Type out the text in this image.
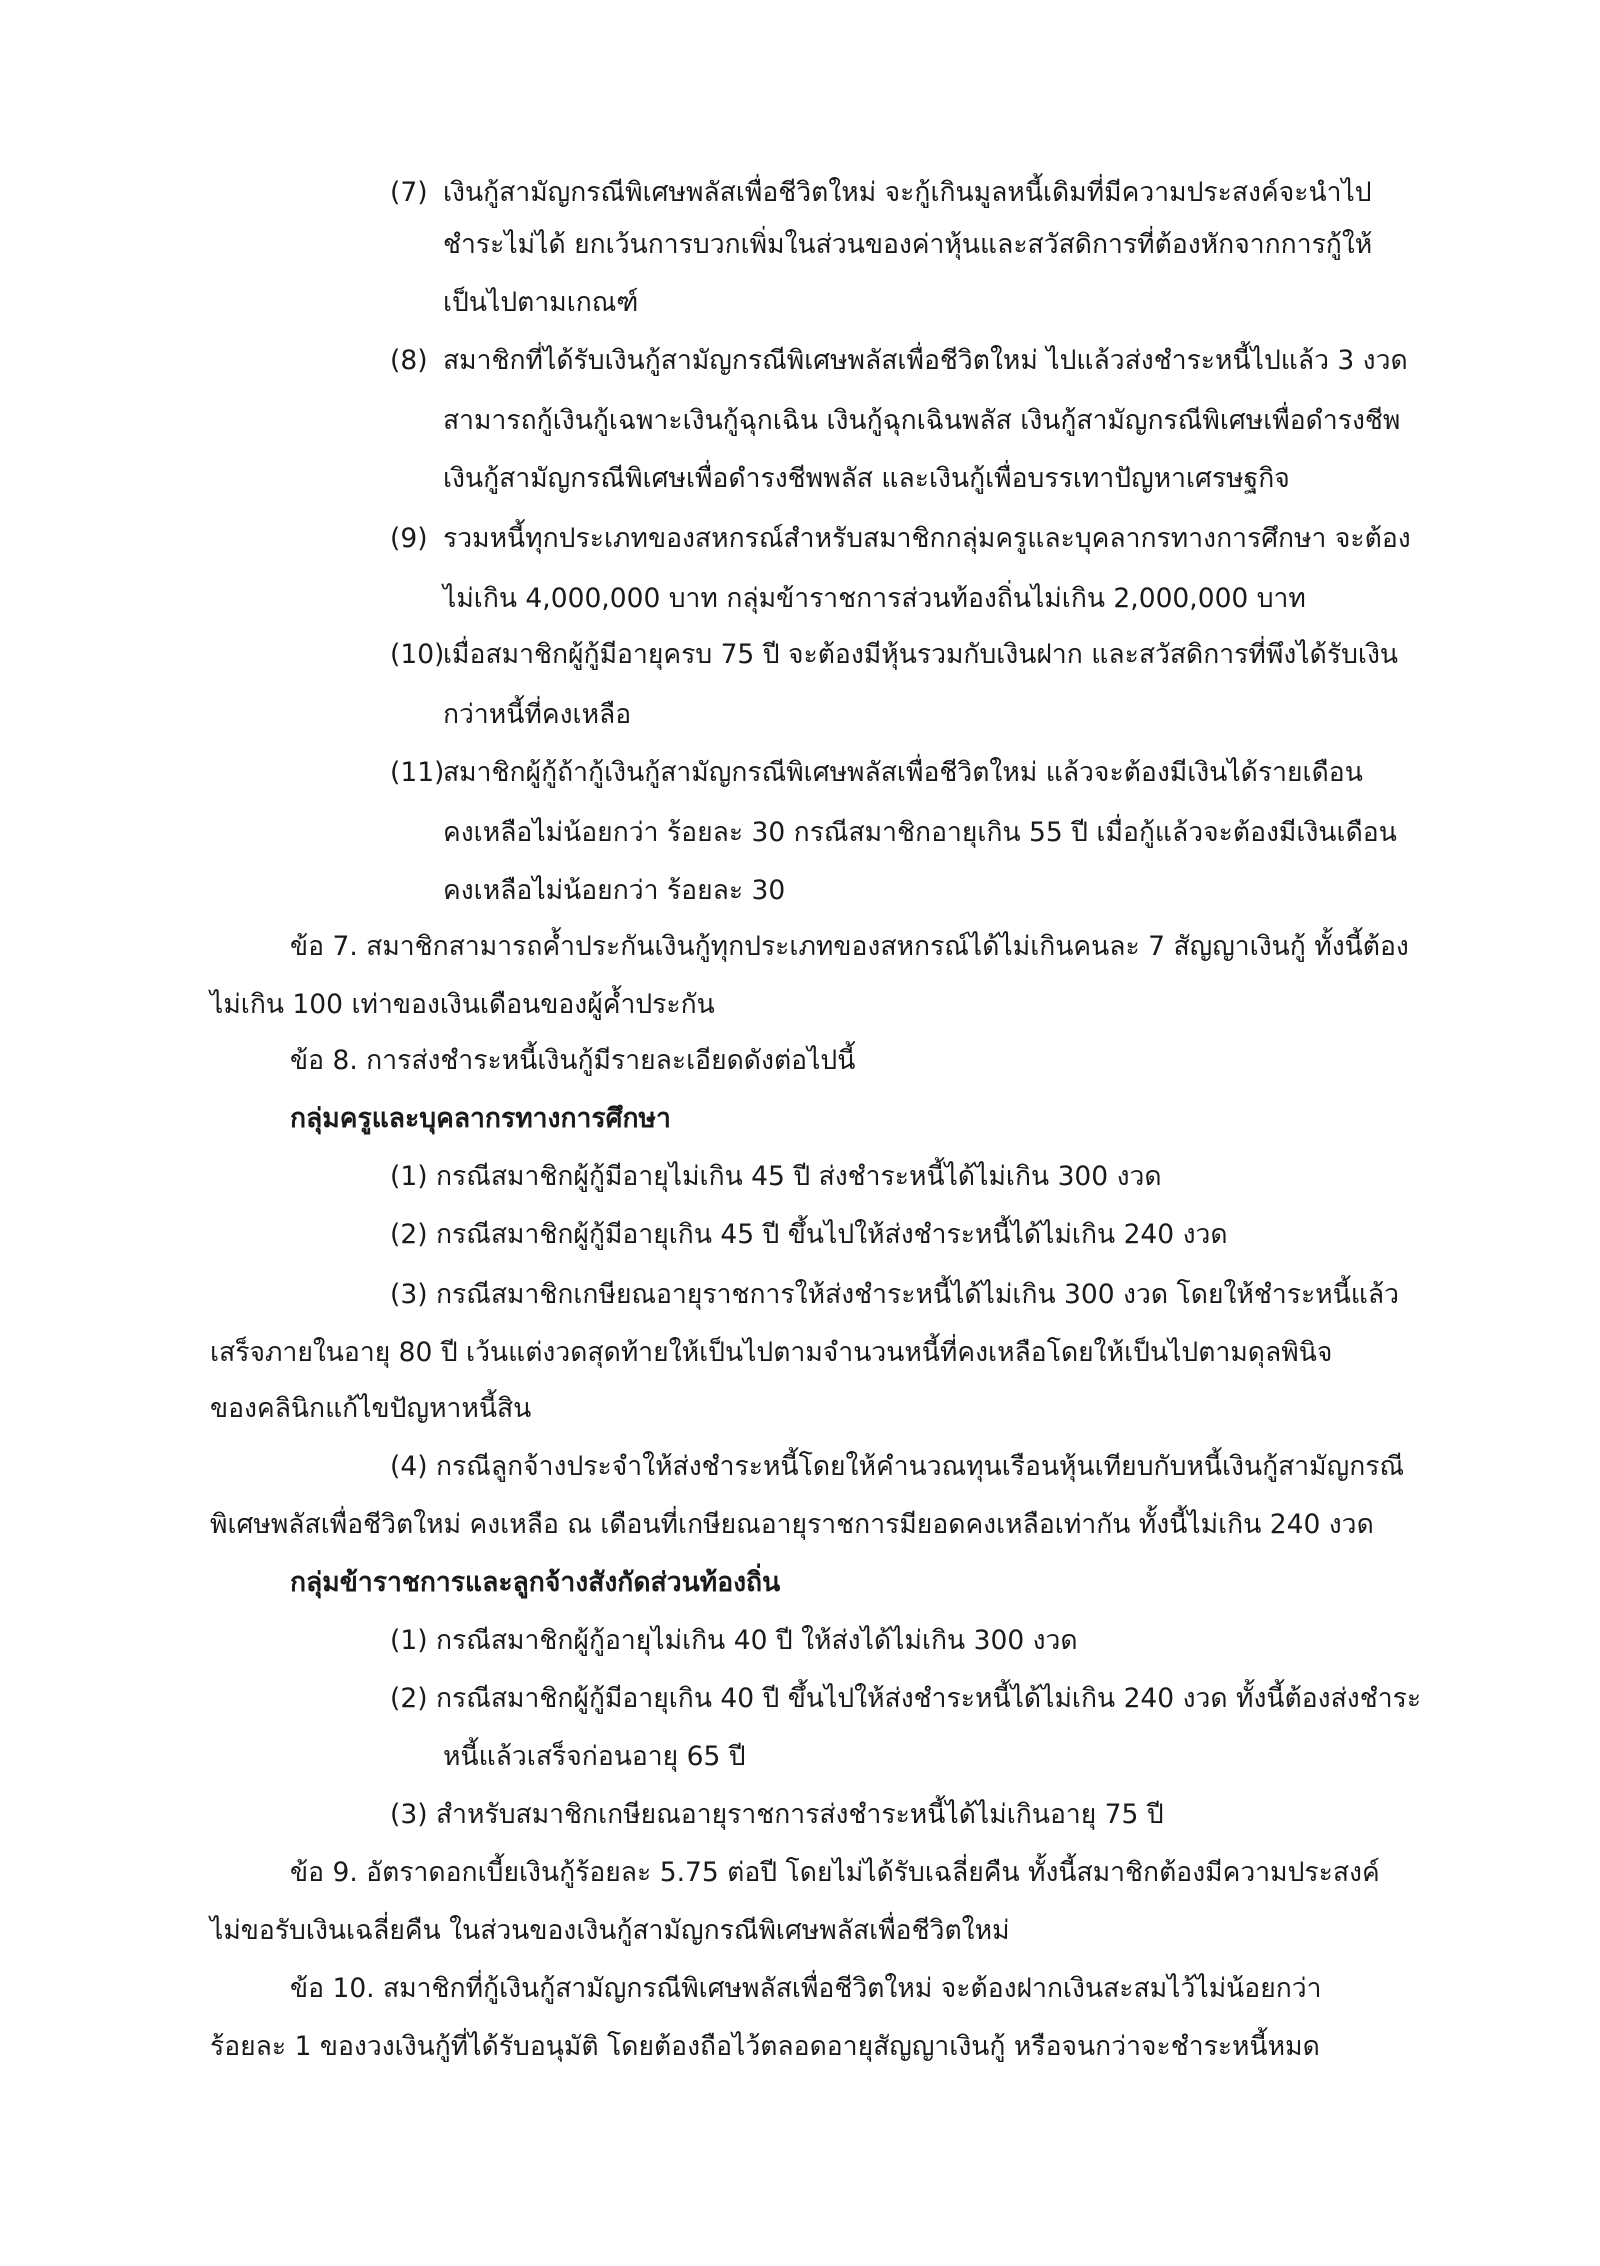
(7) เงินกู้สามัญกรณีพิเศษพลัสเพื่อชีวิตใหม่ จะกู้เกินมูลหนี้เดิมที่มีความประสงค์จะนำไป
ชำระไม่ได้ ยกเว้นการบวกเพิ่มในส่วนของค่าหุ้นและสวัสดิการที่ต้องหักจากการกู้ให้
เป็นไปตามเกณฑ์
(8) สมาชิกที่ได้รับเงินกู้สามัญกรณีพิเศษพลัสเพื่อชีวิตใหม่ ไปแล้วส่งชำระหนี้ไปแล้ว 3 งวด
สามารถกู้เงินกู้เฉพาะเงินกู้ฉุกเฉิน เงินกู้ฉุกเฉินพลัส เงินกู้สามัญกรณีพิเศษเพื่อดำรงชีพ
เงินกู้สามัญกรณีพิเศษเพื่อดำรงชีพพลัส และเงินกู้เพื่อบรรเทาปัญหาเศรษฐกิจ
(9) รวมหนี้ทุกประเภทของสหกรณ์สำหรับสมาชิกกลุ่มครูและบุคลากรทางการศึกษา จะต้อง
ไม่เกิน 4,000,000 บาท กลุ่มข้าราชการส่วนท้องถิ่นไม่เกิน 2,000,000 บาท
(10)
เมื่อสมาชิกผู้กู้มีอายุครบ 75 ปี จะต้องมีหุ้นรวมกับเงินฝาก และสวัสดิการที่พึงได้รับเงิน
กว่าหนี้ที่คงเหลือ
(11)
สมาชิกผู้กู้ถ้ากู้เงินกู้สามัญกรณีพิเศษพลัสเพื่อชีวิตใหม่ แล้วจะต้องมีเงินได้รายเดือน
คงเหลือไม่น้อยกว่า ร้อยละ 30 กรณีสมาชิกอายุเกิน 55 ปี เมื่อกู้แล้วจะต้องมีเงินเดือน
คงเหลือไม่น้อยกว่า ร้อยละ 30
ข้อ 7. สมาชิกสามารถค้ำประกันเงินกู้ทุกประเภทของสหกรณ์ได้ไม่เกินคนละ 7 สัญญาเงินกู้ ทั้งนี้ต้อง
ไม่เกิน 100 เท่าของเงินเดือนของผู้ค้ำประกัน
ข้อ 8. การส่งชำระหนี้เงินกู้มีรายละเอียดดังต่อไปนี้
กลุ่มครูและบุคลากรทางการศึกษา
(1) กรณีสมาชิกผู้กู้มีอายุไม่เกิน 45 ปี ส่งชำระหนี้ได้ไม่เกิน 300 งวด
(2) กรณีสมาชิกผู้กู้มีอายุเกิน 45 ปี ขึ้นไปให้ส่งชำระหนี้ได้ไม่เกิน 240 งวด
(3) กรณีสมาชิกเกษียณอายุราชการให้ส่งชำระหนี้ได้ไม่เกิน 300 งวด โดยให้ชำระหนี้แล้ว
เสร็จภายในอายุ 80 ปี เว้นแต่งวดสุดท้ายให้เป็นไปตามจำนวนหนี้ที่คงเหลือโดยให้เป็นไปตามดุลพินิจ
ของคลินิกแก้ไขปัญหาหนี้สิน
(4) กรณีลูกจ้างประจำให้ส่งชำระหนี้โดยให้คำนวณทุนเรือนหุ้นเทียบกับหนี้เงินกู้สามัญกรณี
พิเศษพลัสเพื่อชีวิตใหม่ คงเหลือ ณ เดือนที่เกษียณอายุราชการมียอดคงเหลือเท่ากัน ทั้งนี้ไม่เกิน 240 งวด
กลุ่มข้าราชการและลูกจ้างสังกัดส่วนท้องถิ่น
(1) กรณีสมาชิกผู้กู้อายุไม่เกิน 40 ปี ให้ส่งได้ไม่เกิน 300 งวด
(2) กรณีสมาชิกผู้กู้มีอายุเกิน 40 ปี ขึ้นไปให้ส่งชำระหนี้ได้ไม่เกิน 240 งวด ทั้งนี้ต้องส่งชำระ
หนี้แล้วเสร็จก่อนอายุ 65 ปี
(3) สำหรับสมาชิกเกษียณอายุราชการส่งชำระหนี้ได้ไม่เกินอายุ 75 ปี
ข้อ 9. อัตราดอกเบี้ยเงินกู้ร้อยละ 5.75 ต่อปี โดยไม่ได้รับเฉลี่ยคืน ทั้งนี้สมาชิกต้องมีความประสงค์
ไม่ขอรับเงินเฉลี่ยคืน ในส่วนของเงินกู้สามัญกรณีพิเศษพลัสเพื่อชีวิตใหม่
ข้อ 10. สมาชิกที่กู้เงินกู้สามัญกรณีพิเศษพลัสเพื่อชีวิตใหม่ จะต้องฝากเงินสะสมไว้ไม่น้อยกว่า
ร้อยละ 1 ของวงเงินกู้ที่ได้รับอนุมัติ โดยต้องถือไว้ตลอดอายุสัญญาเงินกู้ หรือจนกว่าจะชำระหนี้หมด
